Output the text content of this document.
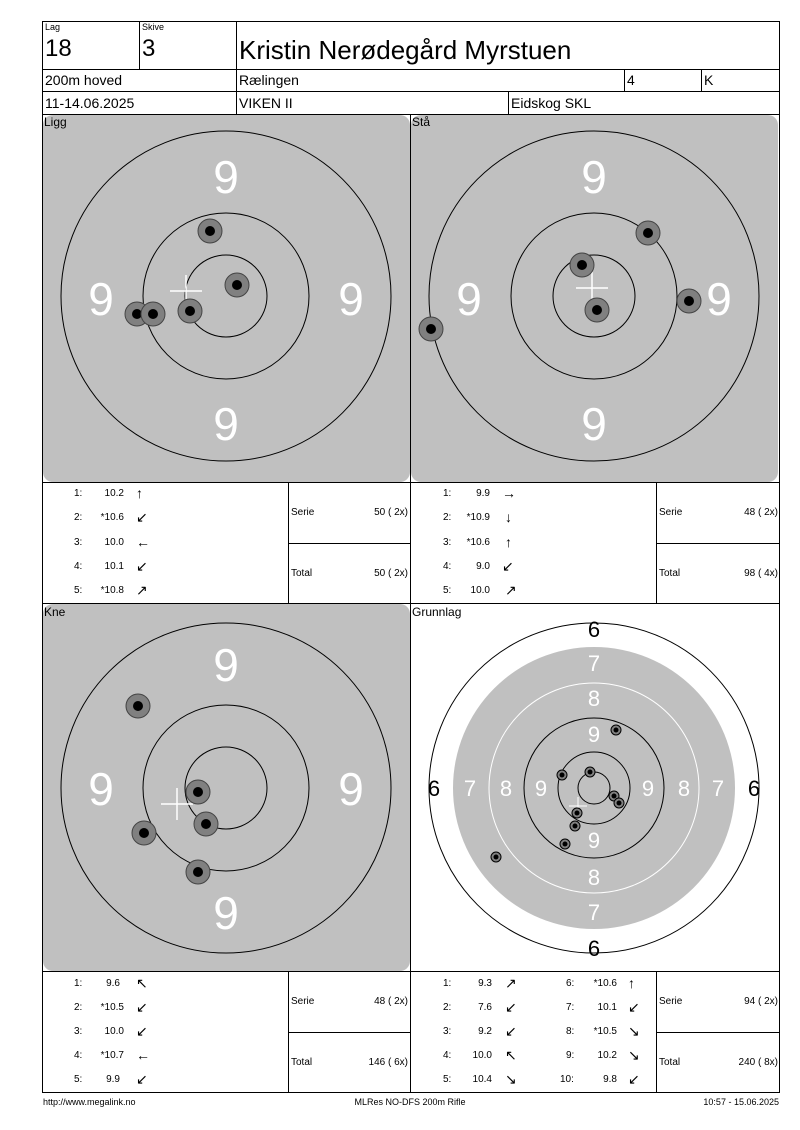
Lag
18
Skive
3	Kristin Nerødegård Myrstuen
200m hoved	Rælingen	4	K
11-14.06.2025	VIKEN II	Eidskog SKL
Ligg
9
9	9
9
Stå
9
9	9
9
Kne
9
9	9
9
Grunnlag
6
6
6	6
7
7
7	7
8
8
8	8
9
9
9	9
1:	10.2 ↑
2:	*10.6 ↙
3:	10.0 ←
4:	10.1 ↙
5:	*10.8 ↗
Serie	50 ( 2x)
Total	50 ( 2x)
1:	9.9 →
2:	*10.9 ↓
3:	*10.6 ↑
4:	9.0 ↙
5:	10.0 ↗
Serie	48 ( 2x)
Total	98 ( 4x)
1:	9.6 ↖
2:	*10.5 ↙
3:	10.0 ↙
4:	*10.7 ←
5:	9.9 ↙
Serie	48 ( 2x)
Total	146 ( 6x)
1:	9.3 ↗
2:	7.6 ↙
3:	9.2 ↙
4:	10.0 ↖
5:	10.4 ↘
6:	*10.6 ↑
7:	10.1 ↙
8:	*10.5 ↘
9:	10.2 ↘
10:	9.8 ↙
Serie	94 ( 2x)
Total	240 ( 8x)
http://www.megalink.no	MLRes NO-DFS 200m Rifle	10:57 - 15.06.2025
